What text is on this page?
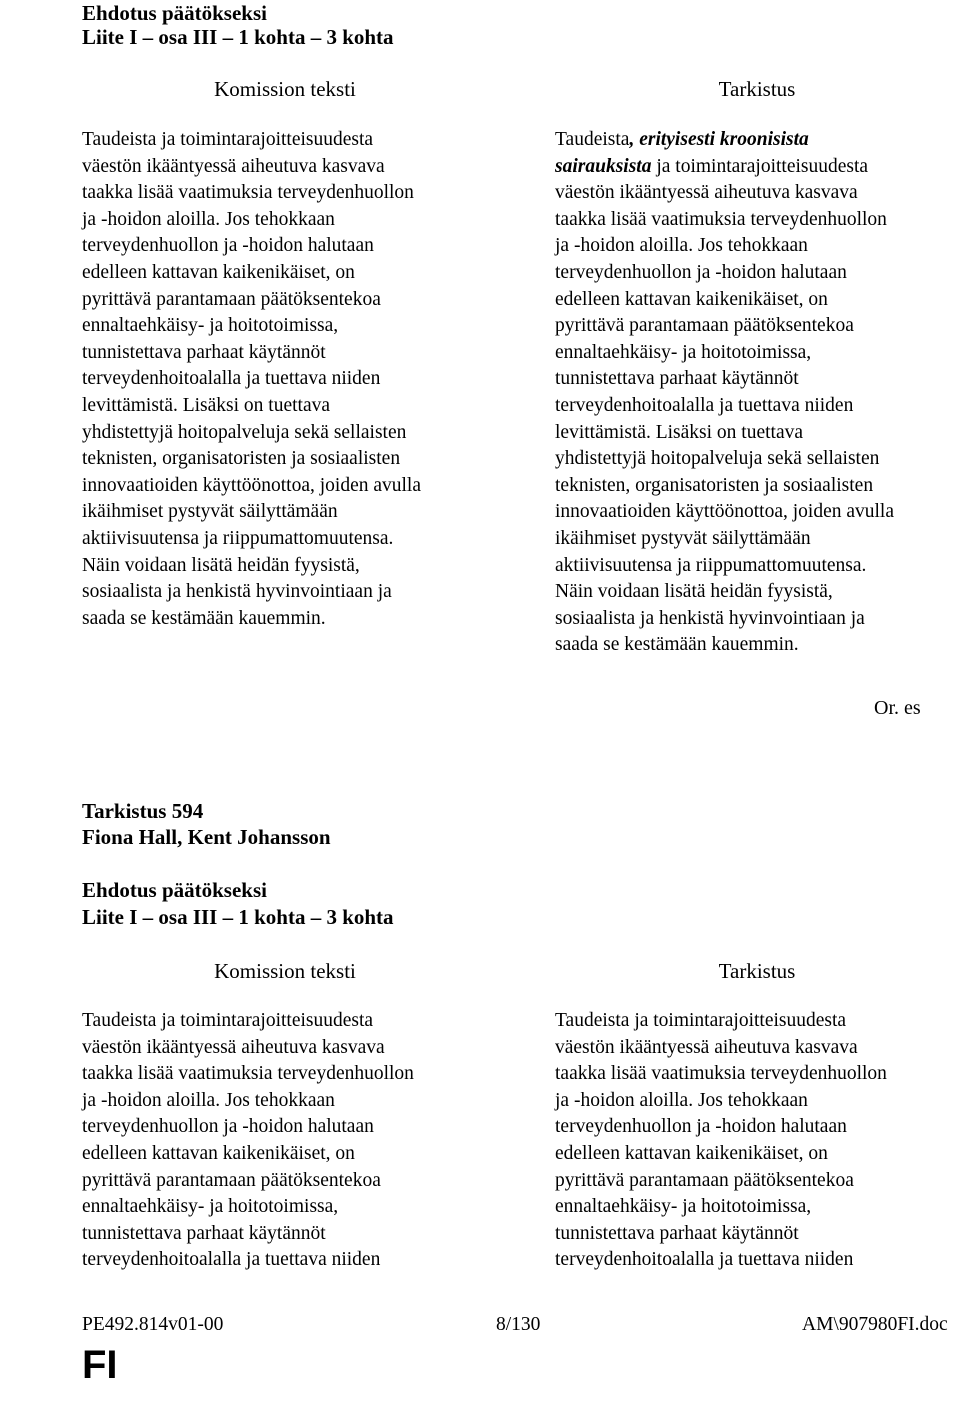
Ehdotus päätökseksi
Liite I – osa III – 1 kohta – 3 kohta
Komission teksti	Tarkistus
Taudeista ja toimintarajoitteisuudesta
väestön ikääntyessä aiheutuva kasvava
taakka lisää vaatimuksia terveydenhuollon
ja -hoidon aloilla. Jos tehokkaan
terveydenhuollon ja -hoidon halutaan
edelleen kattavan kaikenikäiset, on
pyrittävä parantamaan päätöksentekoa
ennaltaehkäisy- ja hoitotoimissa,
tunnistettava parhaat käytännöt
terveydenhoitoalalla ja tuettava niiden
levittämistä. Lisäksi on tuettava
yhdistettyjä hoitopalveluja sekä sellaisten
teknisten, organisatoristen ja sosiaalisten
innovaatioiden käyttöönottoa, joiden avulla
ikäihmiset pystyvät säilyttämään
aktiivisuutensa ja riippumattomuutensa.
Näin voidaan lisätä heidän fyysistä,
sosiaalista ja henkistä hyvinvointiaan ja
saada se kestämään kauemmin.
Taudeista, erityisesti kroonisista
sairauksista ja toimintarajoitteisuudesta
väestön ikääntyessä aiheutuva kasvava
taakka lisää vaatimuksia terveydenhuollon
ja -hoidon aloilla. Jos tehokkaan
terveydenhuollon ja -hoidon halutaan
edelleen kattavan kaikenikäiset, on
pyrittävä parantamaan päätöksentekoa
ennaltaehkäisy- ja hoitotoimissa,
tunnistettava parhaat käytännöt
terveydenhoitoalalla ja tuettava niiden
levittämistä. Lisäksi on tuettava
yhdistettyjä hoitopalveluja sekä sellaisten
teknisten, organisatoristen ja sosiaalisten
innovaatioiden käyttöönottoa, joiden avulla
ikäihmiset pystyvät säilyttämään
aktiivisuutensa ja riippumattomuutensa.
Näin voidaan lisätä heidän fyysistä,
sosiaalista ja henkistä hyvinvointiaan ja
saada se kestämään kauemmin.
Or. es
Tarkistus 594
Fiona Hall, Kent Johansson
Ehdotus päätökseksi
Liite I – osa III – 1 kohta – 3 kohta
Komission teksti	Tarkistus
Taudeista ja toimintarajoitteisuudesta
väestön ikääntyessä aiheutuva kasvava
taakka lisää vaatimuksia terveydenhuollon
ja -hoidon aloilla. Jos tehokkaan
terveydenhuollon ja -hoidon halutaan
edelleen kattavan kaikenikäiset, on
pyrittävä parantamaan päätöksentekoa
ennaltaehkäisy- ja hoitotoimissa,
tunnistettava parhaat käytännöt
terveydenhoitoalalla ja tuettava niiden
Taudeista ja toimintarajoitteisuudesta
väestön ikääntyessä aiheutuva kasvava
taakka lisää vaatimuksia terveydenhuollon
ja -hoidon aloilla. Jos tehokkaan
terveydenhuollon ja -hoidon halutaan
edelleen kattavan kaikenikäiset, on
pyrittävä parantamaan päätöksentekoa
ennaltaehkäisy- ja hoitotoimissa,
tunnistettava parhaat käytännöt
terveydenhoitoalalla ja tuettava niiden
PE492.814v01-00	8/130	AM\907980FI.doc
FI
